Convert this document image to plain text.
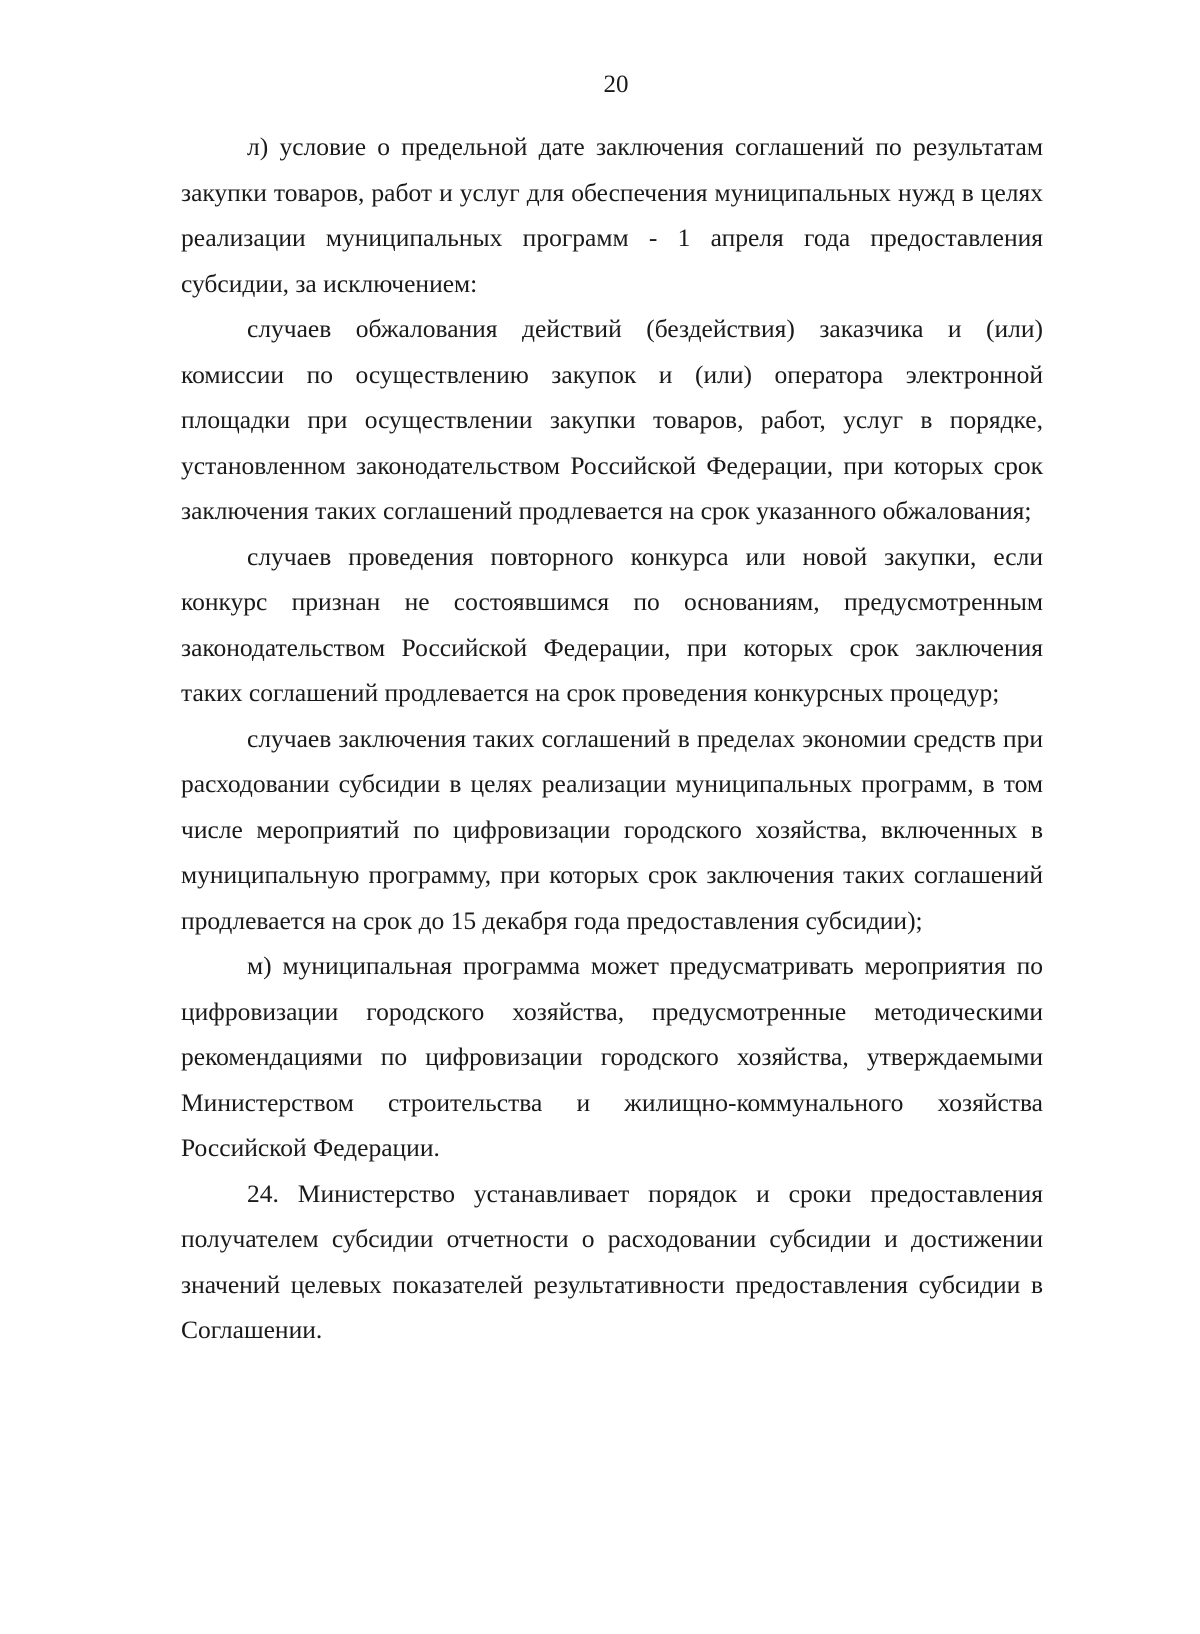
20

л) условие о предельной дате заключения соглашений по результатам закупки товаров, работ и услуг для обеспечения муниципальных нужд в целях реализации муниципальных программ - 1 апреля года предоставления субсидии, за исключением:

случаев обжалования действий (бездействия) заказчика и (или) комиссии по осуществлению закупок и (или) оператора электронной площадки при осуществлении закупки товаров, работ, услуг в порядке, установленном законодательством Российской Федерации, при которых срок заключения таких соглашений продлевается на срок указанного обжалования;

случаев проведения повторного конкурса или новой закупки, если конкурс признан не состоявшимся по основаниям, предусмотренным законодательством Российской Федерации, при которых срок заключения таких соглашений продлевается на срок проведения конкурсных процедур;

случаев заключения таких соглашений в пределах экономии средств при расходовании субсидии в целях реализации муниципальных программ, в том числе мероприятий по цифровизации городского хозяйства, включенных в муниципальную программу, при которых срок заключения таких соглашений продлевается на срок до 15 декабря года предоставления субсидии);

м) муниципальная программа может предусматривать мероприятия по цифровизации городского хозяйства, предусмотренные методическими рекомендациями по цифровизации городского хозяйства, утверждаемыми Министерством строительства и жилищно-коммунального хозяйства Российской Федерации.

24. Министерство устанавливает порядок и сроки предоставления получателем субсидии отчетности о расходовании субсидии и достижении значений целевых показателей результативности предоставления субсидии в Соглашении.
